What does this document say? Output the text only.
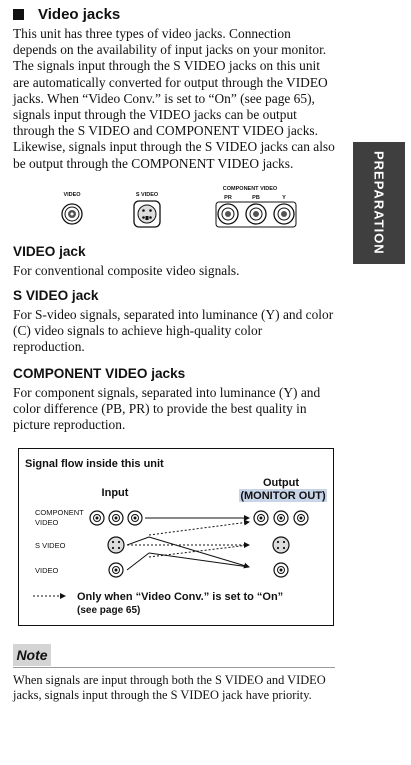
Video jacks

This unit has three types of video jacks. Connection depends on the availability of input jacks on your monitor. The signals input through the S VIDEO jacks on this unit are automatically converted for output through the VIDEO jacks. When “Video Conv.” is set to “On” (see page 65), signals input through the VIDEO jacks can be output through the S VIDEO and COMPONENT VIDEO jacks. Likewise, signals input through the S VIDEO jacks can also be output through the COMPONENT VIDEO jacks.	PREPARATION
VIDEO	S VIDEO
COMPONENT VIDEO
PR	PB	Y
VIDEO jack

For conventional composite video signals.

S VIDEO jack

For S-video signals, separated into luminance (Y) and color (C) video signals to achieve high-quality color reproduction.

COMPONENT VIDEO jacks

For component signals, separated into luminance (Y) and color difference (PB, PR) to provide the best quality in picture reproduction.

Signal flow inside this unit
Input
Output
(MONITOR OUT)
COMPONENT
VIDEO
S VIDEO
VIDEO
Only when “Video Conv.” is set to “On”
(see page 65)
Note

When signals are input through both the S VIDEO and VIDEO jacks, signals input through the S VIDEO jack have priority.
